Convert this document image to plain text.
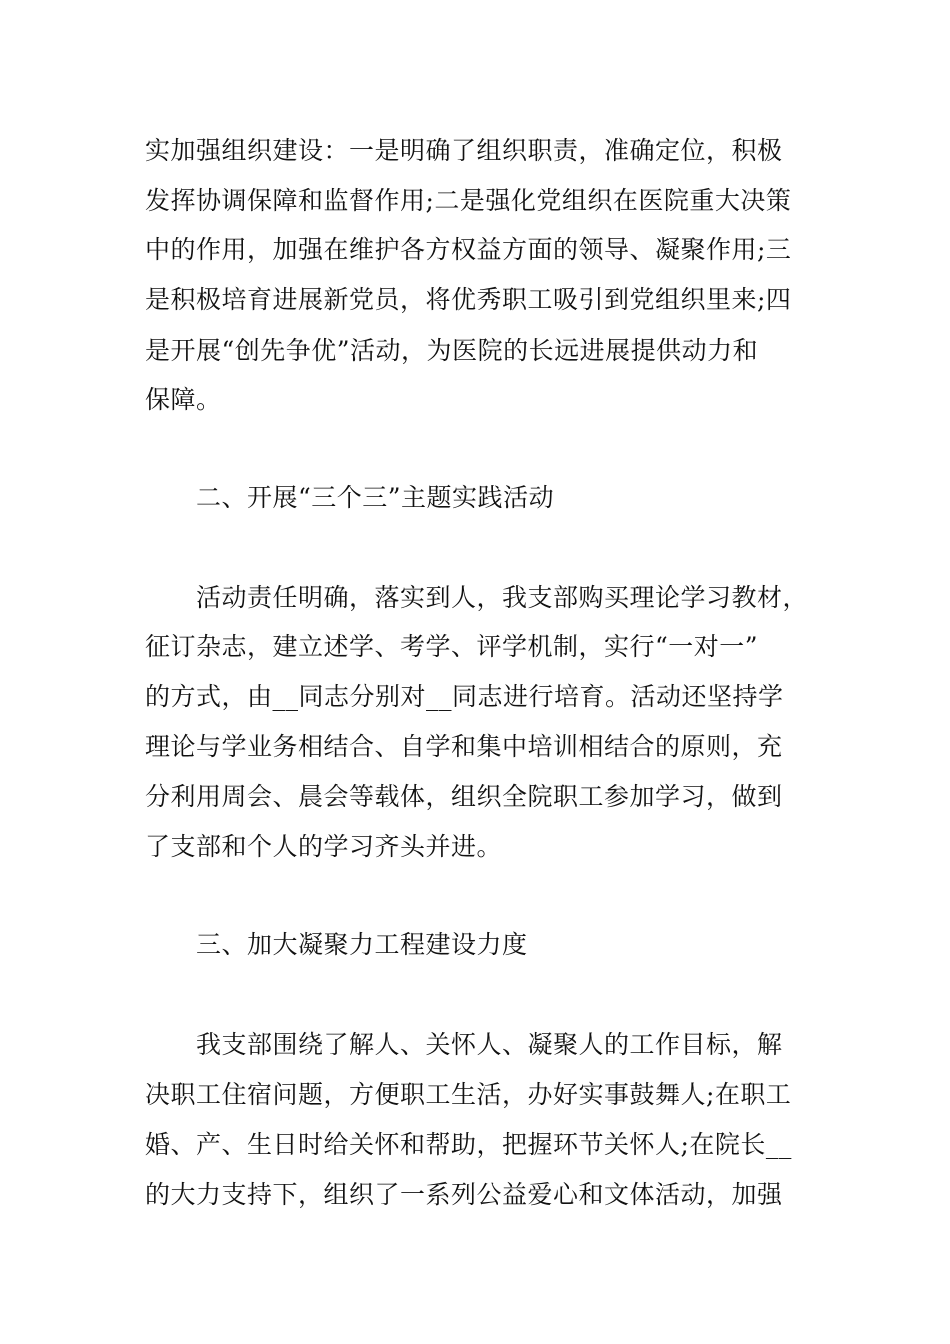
实加强组织建设：一是明确了组织职责，准确定位，积极
发挥协调保障和监督作用;二是强化党组织在医院重大决策
中的作用，加强在维护各方权益方面的领导、凝聚作用;三
是积极培育进展新党员，将优秀职工吸引到党组织里来;四
是开展“创先争优”活动，为医院的长远进展提供动力和
保障。
二、开展“三个三”主题实践活动
活动责任明确，落实到人，我支部购买理论学习教材，
征订杂志，建立述学、考学、评学机制，实行“一对一”
的方式，由__同志分别对__同志进行培育。活动还坚持学
理论与学业务相结合、自学和集中培训相结合的原则，充
分利用周会、晨会等载体，组织全院职工参加学习，做到
了支部和个人的学习齐头并进。
三、加大凝聚力工程建设力度
我支部围绕了解人、关怀人、凝聚人的工作目标，解
决职工住宿问题，方便职工生活，办好实事鼓舞人;在职工
婚、产、生日时给关怀和帮助，把握环节关怀人;在院长__
的大力支持下，组织了一系列公益爱心和文体活动，加强
